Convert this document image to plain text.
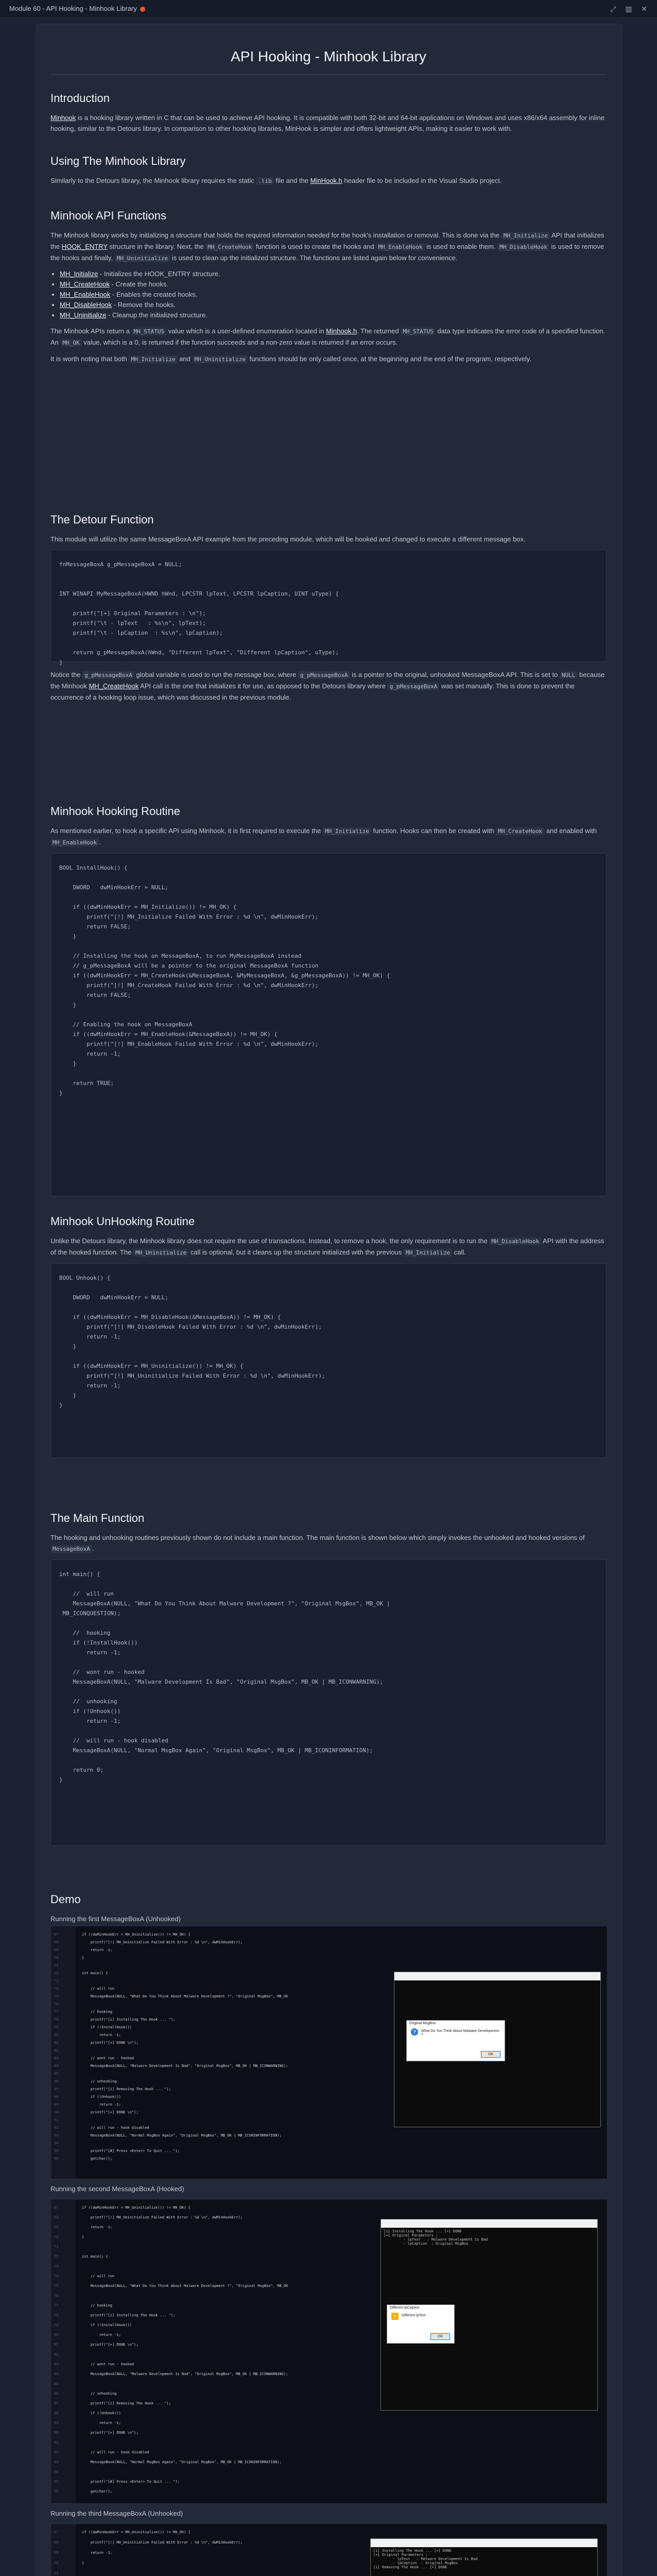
Module 60 - API Hooking - Minhook Library	⤢ ▥ ✕
API Hooking - Minhook Library
Introduction

Minhook is a hooking library written in C that can be used to achieve API hooking. It is compatible with both 32-bit and 64-bit applications on Windows and uses x86/x64 assembly for inline hooking, similar to the Detours library. In comparison to other hooking libraries, MinHook is simpler and offers lightweight APIs, making it easier to work with.

Using The Minhook Library

Similarly to the Detours library, the Minhook library requires the static .lib file and the MinHook.h header file to be included in the Visual Studio project.

Minhook API Functions

The Minhook library works by initializing a structure that holds the required information needed for the hook's installation or removal. This is done via the MH_Initialize API that initializes the HOOK_ENTRY structure in the library. Next, the MH_CreateHook function is used to create the hooks and MH_EnableHook is used to enable them. MH_DisableHook is used to remove the hooks and finally, MH_Uninitialize is used to clean up the initialized structure. The functions are listed again below for convenience.

• MH_Initialize - Initializes the HOOK_ENTRY structure.
• MH_CreateHook - Create the hooks.
• MH_EnableHook - Enables the created hooks.
• MH_DisableHook - Remove the hooks.
• MH_Uninitialize - Cleanup the initialized structure.

The Minhook APIs return a MH_STATUS value which is a user-defined enumeration located in Minhook.h. The returned MH_STATUS data type indicates the error code of a specified function. An MH_OK value, which is a 0, is returned if the function succeeds and a non-zero value is returned if an error occurs.

It is worth noting that both MH_Initialize and MH_Uninitialize functions should be only called once, at the beginning and the end of the program, respectively.

The Detour Function

This module will utilize the same MessageBoxA API example from the preceding module, which will be hooked and changed to execute a different message box.

fnMessageBoxA g_pMessageBoxA = NULL;

INT WINAPI MyMessageBoxA(HWND hWnd, LPCSTR lpText, LPCSTR lpCaption, UINT uType) {

printf("[+] Original Parameters : \n");
printf("\t - lpText   : %s\n", lpText);
printf("\t - lpCaption  : %s\n", lpCaption);

return g_pMessageBoxA(hWnd, "Different lpText", "Different lpCaption", uType);
}

Notice the g_pMessageBoxA global variable is used to run the message box, where g_pMessageBoxA is a pointer to the original, unhooked MessageBoxA API. This is set to NULL because the Minhook MH_CreateHook API call is the one that initializes it for use, as opposed to the Detours library where g_pMessageBoxA was set manually. This is done to prevent the occurrence of a hooking loop issue, which was discussed in the previous module.

Minhook Hooking Routine

As mentioned earlier, to hook a specific API using Minhook, it is first required to execute the MH_Initialize function. Hooks can then be created with MH_CreateHook and enabled with MH_EnableHook .

BOOL InstallHook() {

DWORD   dwMinHookErr = NULL;

if ((dwMinHookErr = MH_Initialize()) != MH_OK) {
printf("[!] MH_Initialize Failed With Error : %d \n", dwMinHookErr);
return FALSE;
}

// Installing the hook on MessageBoxA, to run MyMessageBoxA instead
// g_pMessageBoxA will be a pointer to the original MessageBoxA function
if ((dwMinHookErr = MH_CreateHook(&MessageBoxA, &MyMessageBoxA, &g_pMessageBoxA)) != MH_OK) {
printf("[!] MH_CreateHook Failed With Error : %d \n", dwMinHookErr);
return FALSE;
}

// Enabling the hook on MessageBoxA
if ((dwMinHookErr = MH_EnableHook(&MessageBoxA)) != MH_OK) {
printf("[!] MH_EnableHook Failed With Error : %d \n", dwMinHookErr);
return -1;
}

return TRUE;
}
Minhook UnHooking Routine

Unlike the Detours library, the Minhook library does not require the use of transactions. Instead, to remove a hook, the only requirement is to run the MH_DisableHook API with the address of the hooked function. The MH_Uninitialize call is optional, but it cleans up the structure initialized with the previous MH_Initialize call.

BOOL Unhook() {

DWORD   dwMinHookErr = NULL;

if ((dwMinHookErr = MH_DisableHook(&MessageBoxA)) != MH_OK) {
printf("[!] MH_DisableHook Failed With Error : %d \n", dwMinHookErr);
return -1;
}

if ((dwMinHookErr = MH_Uninitialize()) != MH_OK) {
printf("[!] MH_Uninitialize Failed With Error : %d \n", dwMinHookErr);
return -1;
}
}
The Main Function

The hooking and unhooking routines previously shown do not include a main function. The main function is shown below which simply invokes the unhooked and hooked versions of MessageBoxA .

int main() {

//  will run
MessageBoxA(NULL, "What Do You Think About Malware Development ?", "Original MsgBox", MB_OK |
MB_ICONQUESTION);

//  hooking
if (!InstallHook())
return -1;

//  wont run - hooked
MessageBoxA(NULL, "Malware Development Is Bad", "Original MsgBox", MB_OK | MB_ICONWARNING);

//  unhooking
if (!Unhook())
return -1;

//  will run - hook disabled
MessageBoxA(NULL, "Normal MsgBox Again", "Original MsgBox", MB_OK | MB_ICONINFORMATION);

return 0;
}
Demo

Running the first MessageBoxA (Unhooked)

67	if ((dwMinHookErr = MH_Uninitialize()) != MH_OK) {
68	printf("[!] MH_Uninitialize Failed With Error : %d \n", dwMinHookErr);
69	return -1;
70	}
71
72	int main() {
73
74	// will run
75	MessageBoxA(NULL, "What Do You Think About Malware Development ?", "Original MsgBox", MB_OK
76
77	// hooking
78	printf("[i] Installing The Hook ... ");
79	if (!InstallHook())
80	return -1;
81	printf("[+] DONE \n");
82
83	// wont run - hooked
84	MessageBoxA(NULL, "Malware Development Is Bad", "Original MsgBox", MB_OK | MB_ICONWARNING);
85
86	// unhooking
87	printf("[i] Removing The Hook ... ");
88	if (!Unhook())
89	return -1;
90	printf("[+] DONE \n");
91
92	// will run - hook disabled
93	MessageBoxA(NULL, "Normal MsgBox Again", "Original MsgBox", MB_OK | MB_ICONINFORMATION);
94
95	printf("[#] Press <Enter> To Quit ... ");
96	getchar();
Original MsgBox
?	What Do You Think About Malware Development ?
OK

Running the second MessageBoxA (Hooked)

67	if ((dwMinHookErr = MH_Uninitialize()) != MH_OK) {
68	printf("[!] MH_Uninitialize Failed With Error : %d \n", dwMinHookErr);
69	return -1;
70	}
71
72	int main() {
73
74	// will run
75	MessageBoxA(NULL, "What Do You Think About Malware Development ?", "Original MsgBox", MB_OK
76
77	// hooking
78	printf("[i] Installing The Hook ... ");
79	if (!InstallHook())
80	return -1;
81	printf("[+] DONE \n");
82
83	// wont run - hooked
84	MessageBoxA(NULL, "Malware Development Is Bad", "Original MsgBox", MB_OK | MB_ICONWARNING);
85
86	// unhooking
87	printf("[i] Removing The Hook ... ");
88	if (!Unhook())
89	return -1;
90	printf("[+] DONE \n");
91
92	// will run - hook disabled
93	MessageBoxA(NULL, "Normal MsgBox Again", "Original MsgBox", MB_OK | MB_ICONINFORMATION);
94
95	printf("[#] Press <Enter> To Quit ... ");
96	getchar();
[i] Installing The Hook ... [+] DONE
[+] Original Parameters :
- lpText   : Malware Development Is Bad
- lpCaption  : Original MsgBox
Different lpCaption
!	Different lpText
OK

Running the third MessageBoxA (Unhooked)

67	if ((dwMinHookErr = MH_Uninitialize()) != MH_OK) {
68	printf("[!] MH_Uninitialize Failed With Error : %d \n", dwMinHookErr);
69	return -1;
70	}
71
[i] Installing The Hook ... [+] DONE
[+] Original Parameters :
- lpText   : Malware Development Is Bad
- lpCaption  : Original MsgBox
[i] Removing The Hook ... [+] DONE
